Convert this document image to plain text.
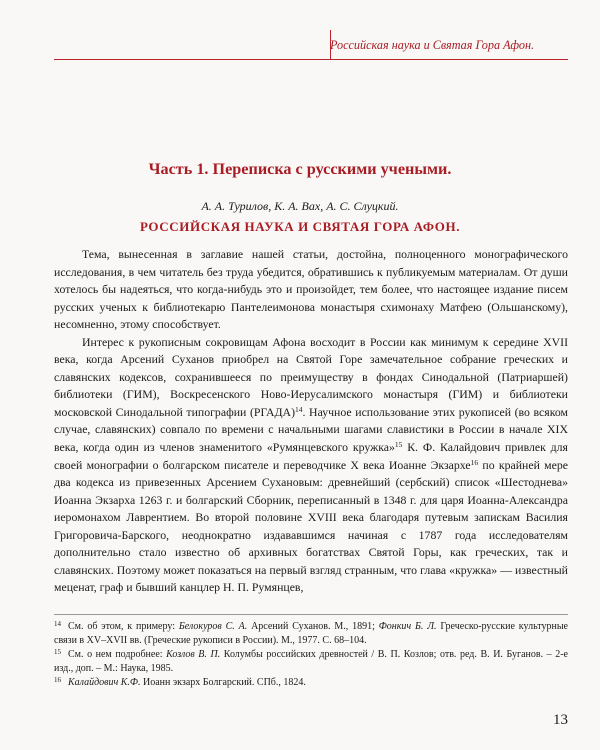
Российская наука и Святая Гора Афон.
Часть 1. Переписка с русскими учеными.
А. А. Турилов, К. А. Вах, А. С. Слуцкий.
РОССИЙСКАЯ НАУКА И СВЯТАЯ ГОРА АФОН.

Тема, вынесенная в заглавие нашей статьи, достойна, полноценного монографического исследования, в чем читатель без труда убедится, обратившись к публикуемым материалам. От души хотелось бы надеяться, что когда-нибудь это и произойдет, тем более, что настоящее издание писем русских ученых к библиотекарю Пантелеимонова монастыря схимонаху Матфею (Ольшанскому), несомненно, этому способствует.

Интерес к рукописным сокровищам Афона восходит в России как минимум к середине XVII века, когда Арсений Суханов приобрел на Святой Горе замечательное собрание греческих и славянских кодексов, сохранившееся по преимуществу в фондах Синодальной (Патриаршей) библиотеки (ГИМ), Воскресенского Ново-Иерусалимского монастыря (ГИМ) и библиотеки московской Синодальной типографии (РГАДА)$^{14}$. Научное использование этих рукописей (во всяком случае, славянских) совпало по времени с начальными шагами славистики в России в начале XIX века, когда один из членов знаменитого «Румянцевского кружка»$^{15}$ К. Ф. Калайдович привлек для своей монографии о болгарском писателе и переводчике X века Иоанне Экзархе$^{16}$ по крайней мере два кодекса из привезенных Арсением Сухановым: древнейший (сербский) список «Шестоднева» Иоанна Экзарха 1263 г. и болгарский Сборник, переписанный в 1348 г. для царя Иоанна-Александра иеромонахом Лаврентием. Во второй половине XVIII века благодаря путевым запискам Василия Григоровича-Барского, неоднократно издававшимся начиная с 1787 года исследователям дополнительно стало известно об архивных богатствах Святой Горы, как греческих, так и славянских. Поэтому может показаться на первый взгляд странным, что глава «кружка» — известный меценат, граф и бывший канцлер Н. П. Румянцев,

$^{14}$ См. об этом, к примеру: Белокуров С. А. Арсений Суханов. М., 1891; Фонкич Б. Л. Греческо-русские культурные связи в XV–XVII вв. (Греческие рукописи в России). М., 1977. С. 68–104.

$^{15}$ См. о нем подробнее: Козлов В. П. Колумбы российских древностей / В. П. Козлов; отв. ред. В. И. Буганов. – 2-е изд., доп. – М.: Наука, 1985.

$^{16}$ Калайдович К.Ф. Иоанн экзарх Болгарский. СПб., 1824.

13
